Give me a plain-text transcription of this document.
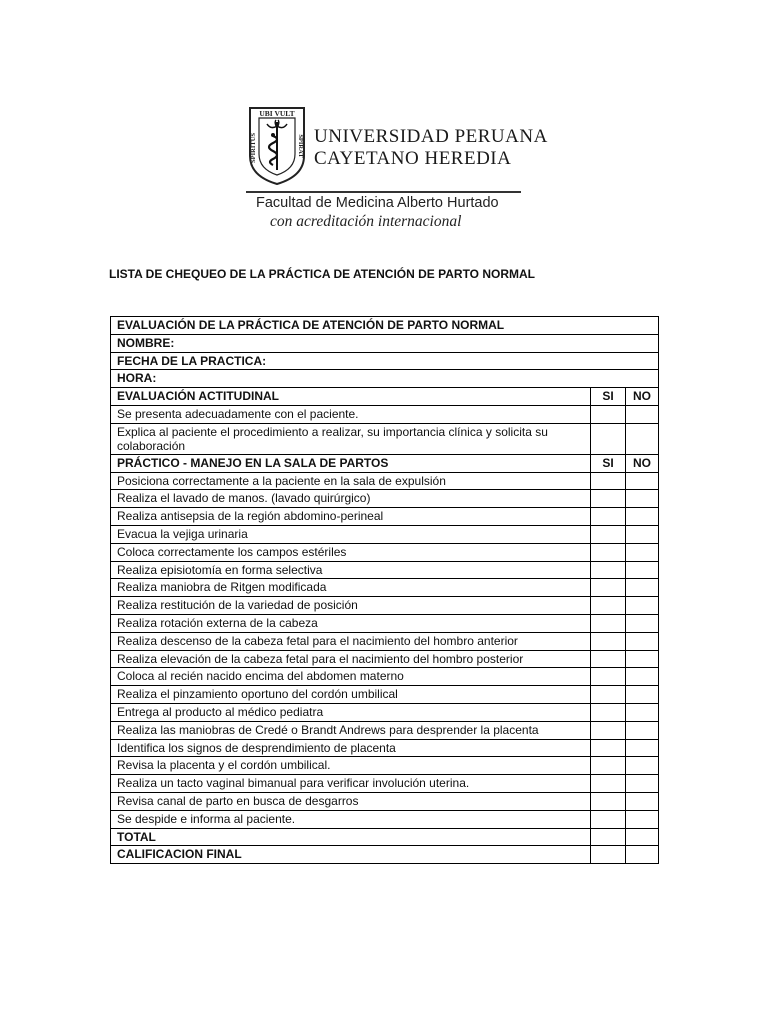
UBI VULT
SPIRITUS	SPIRAT UNIVERSIDAD PERUANA
CAYETANO HEREDIA
Facultad de Medicina Alberto Hurtado
con acreditación internacional
LISTA DE CHEQUEO DE LA PRÁCTICA DE ATENCIÓN DE PARTO NORMAL
EVALUACIÓN DE LA PRÁCTICA DE ATENCIÓN DE PARTO NORMAL		
NOMBRE:		
FECHA DE LA PRACTICA:		
HORA:		
EVALUACIÓN ACTITUDINAL	SI	NO
Se presenta adecuadamente con el paciente.		
Explica al paciente el procedimiento a realizar, su importancia clínica y solicita su colaboración		
PRÁCTICO - MANEJO EN LA SALA DE PARTOS	SI	NO
Posiciona correctamente a la paciente en la sala de expulsión		
Realiza el lavado de manos. (lavado quirúrgico)		
Realiza antisepsia de la región abdomino-perineal		
Evacua la vejiga urinaria		
Coloca correctamente los campos estériles		
Realiza episiotomía en forma selectiva		
Realiza maniobra de Ritgen modificada		
Realiza restitución de la variedad de posición		
Realiza rotación externa de la cabeza		
Realiza descenso de la cabeza fetal para el nacimiento del hombro anterior		
Realiza elevación de la cabeza fetal para el nacimiento del hombro posterior		
Coloca al recién nacido encima del abdomen materno		
Realiza el pinzamiento oportuno del cordón umbilical		
Entrega al producto al médico pediatra		
Realiza las maniobras de Credé o Brandt Andrews para desprender la placenta		
Identifica los signos de desprendimiento de placenta		
Revisa la placenta y el cordón umbilical.		
Realiza un tacto vaginal bimanual para verificar involución uterina.		
Revisa canal de parto en busca de desgarros		
Se despide e informa al paciente.		
TOTAL		
CALIFICACION FINAL		
